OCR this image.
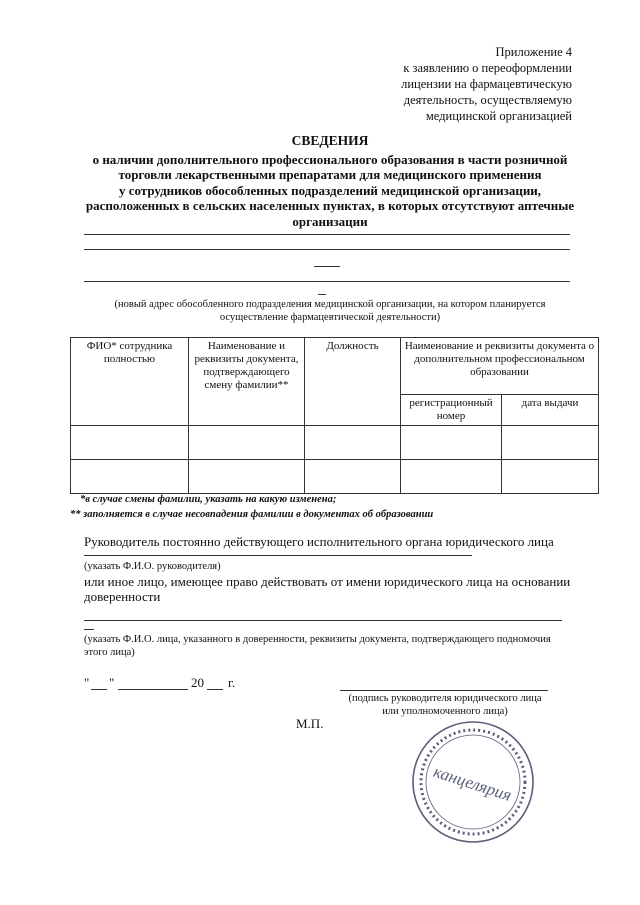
Приложение 4
к заявлению о переоформлении
лицензии на фармацевтическую
деятельность, осуществляемую
медицинской организацией
СВЕДЕНИЯ
о наличии дополнительного профессионального образования в части розничной
торговли лекарственными препаратами для медицинского применения
у сотрудников обособленных подразделений медицинской организации,
расположенных в сельских населенных пунктах, в которых отсутствуют аптечные
организации
(новый адрес обособленного подразделения медицинской организации, на котором планируется
осуществление фармацевтической деятельности)
ФИО* сотрудника полностью	Наименование и реквизиты документа, подтверждающего смену фамилии**	Должность	Наименование и реквизиты документа о дополнительном профессиональном образовании	
			регистрационный номер	дата выдачи

*в случае смены фамилии, указать на какую изменена;
** заполняется в случае несовпадения фамилии в документах об образовании
Руководитель постоянно действующего исполнительного органа юридического лица
(указать Ф.И.О. руководителя)
или иное лицо, имеющее право действовать от имени юридического лица на основании
доверенности
(указать Ф.И.О. лица, указанного в доверенности, реквизиты документа, подтверждающего подномочия
этого лица)
" "	20 г.
(подпись руководителя юридического лица
или уполномоченного лица)
М.П.
канцелярия
